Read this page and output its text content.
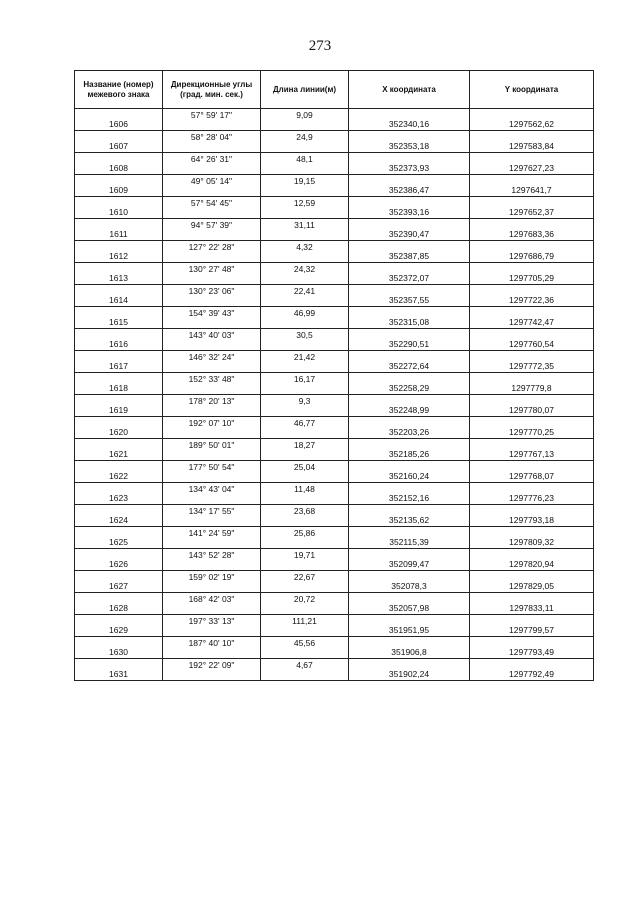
273
Название (номер) межевого знака	Дирекционные углы (град. мин. сек.)	Длина линии(м)	X координата	Y координата

1606	57° 59' 17"	9,09	352340,16	1297562,62

1607	58° 28' 04"	24,9	352353,18	1297583,84

1608	64° 26' 31"	48,1	352373,93	1297627,23

1609	49° 05' 14"	19,15	352386,47	1297641,7

1610	57° 54' 45"	12,59	352393,16	1297652,37

1611	94° 57' 39"	31,11	352390,47	1297683,36

1612	127° 22' 28"	4,32	352387,85	1297686,79

1613	130° 27' 48"	24,32	352372,07	1297705,29

1614	130° 23' 06"	22,41	352357,55	1297722,36

1615	154° 39' 43"	46,99	352315,08	1297742,47

1616	143° 40' 03"	30,5	352290,51	1297760,54

1617	146° 32' 24"	21,42	352272,64	1297772,35

1618	152° 33' 48"	16,17	352258,29	1297779,8

1619	178° 20' 13"	9,3	352248,99	1297780,07

1620	192° 07' 10"	46,77	352203,26	1297770,25

1621	189° 50' 01"	18,27	352185,26	1297767,13

1622	177° 50' 54"	25,04	352160,24	1297768,07

1623	134° 43' 04"	11,48	352152,16	1297776,23

1624	134° 17' 55"	23,68	352135,62	1297793,18

1625	141° 24' 59"	25,86	352115,39	1297809,32

1626	143° 52' 28"	19,71	352099,47	1297820,94

1627	159° 02' 19"	22,67	352078,3	1297829,05

1628	168° 42' 03"	20,72	352057,98	1297833,11

1629	197° 33' 13"	111,21	351951,95	1297799,57

1630	187° 40' 10"	45,56	351906,8	1297793,49

1631	192° 22' 09"	4,67	351902,24	1297792,49
